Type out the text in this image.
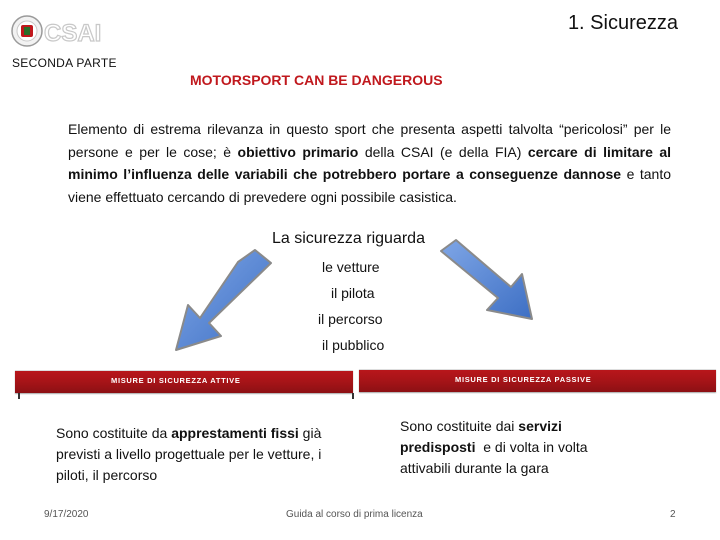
CSAI	1. Sicurezza
SECONDA PARTE
MOTORSPORT CAN BE DANGEROUS
Elemento di estrema rilevanza in questo sport che presenta aspetti talvolta “pericolosi” per le persone e per le cose; è obiettivo primario della CSAI (e della FIA) cercare di limitare al minimo l’influenza delle variabili che potrebbero portare a conseguenze dannose e tanto viene effettuato cercando di prevedere ogni possibile casistica.
La sicurezza riguarda
le vetture
il pilota
il percorso
il pubblico
MISURE DI SICUREZZA ATTIVE	MISURE DI SICUREZZA PASSIVE
Sono costituite da apprestamenti fissi già previsti a livello progettuale per le vetture, i piloti, il percorso
Sono costituite dai servizi predisposti  e di volta in volta attivabili durante la gara
9/17/2020	Guida al corso di prima licenza	2
